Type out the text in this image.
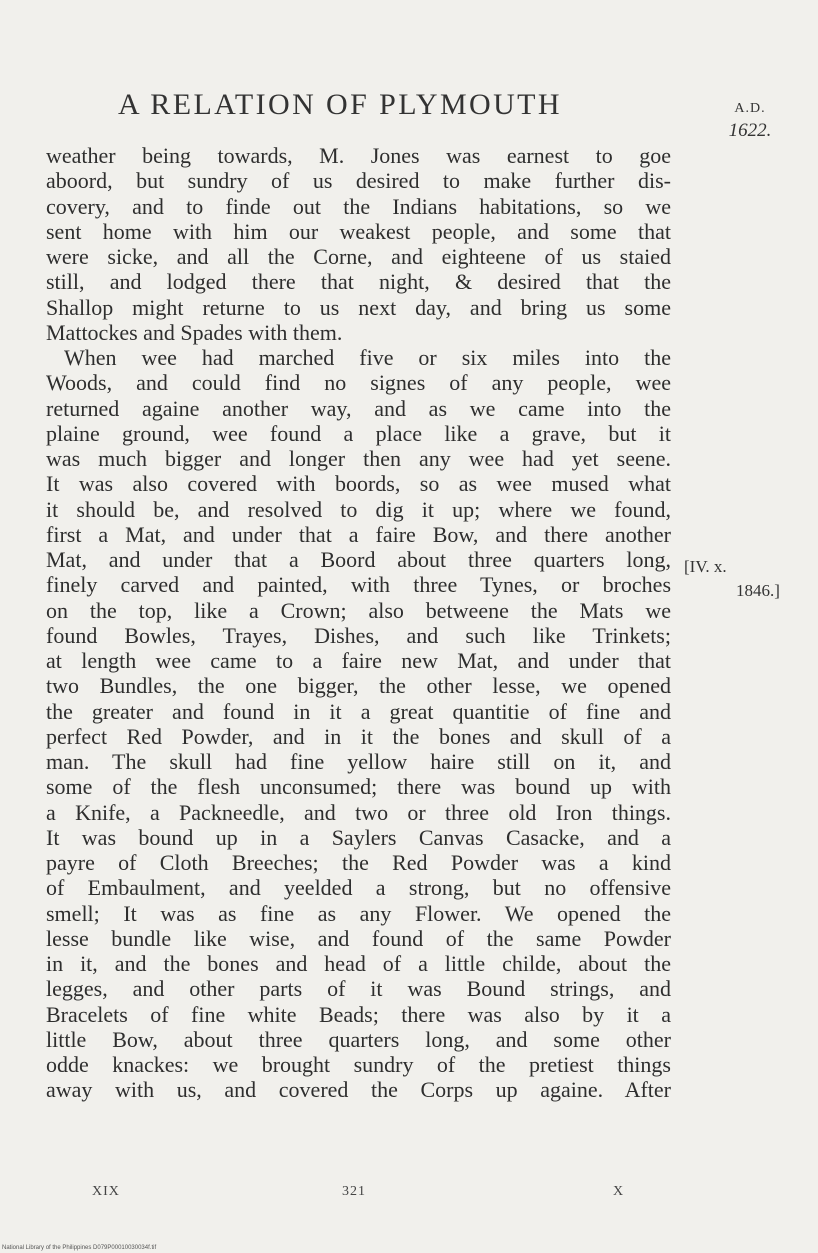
A RELATION OF PLYMOUTH	A.D.
1622.
weather being towards, M. Jones was earnest to goe
aboord, but sundry of us desired to make further dis-
covery, and to finde out the Indians habitations, so we
sent home with him our weakest people, and some that
were sicke, and all the Corne, and eighteene of us staied
still, and lodged there that night, & desired that the
Shallop might returne to us next day, and bring us some
Mattockes and Spades with them.
When wee had marched five or six miles into the
Woods, and could find no signes of any people, wee
returned againe another way, and as we came into the
plaine ground, wee found a place like a grave, but it
was much bigger and longer then any wee had yet seene.
It was also covered with boords, so as wee mused what
it should be, and resolved to dig it up; where we found,
first a Mat, and under that a faire Bow, and there another
Mat, and under that a Boord about three quarters long,
finely carved and painted, with three Tynes, or broches
on the top, like a Crown; also betweene the Mats we
found Bowles, Trayes, Dishes, and such like Trinkets;
at length wee came to a faire new Mat, and under that
two Bundles, the one bigger, the other lesse, we opened
the greater and found in it a great quantitie of fine and
perfect Red Powder, and in it the bones and skull of a
man. The skull had fine yellow haire still on it, and
some of the flesh unconsumed; there was bound up with
a Knife, a Packneedle, and two or three old Iron things.
It was bound up in a Saylers Canvas Casacke, and a
payre of Cloth Breeches; the Red Powder was a kind
of Embaulment, and yeelded a strong, but no offensive
smell; It was as fine as any Flower. We opened the
lesse bundle like wise, and found of the same Powder
in it, and the bones and head of a little childe, about the
legges, and other parts of it was Bound strings, and
Bracelets of fine white Beads; there was also by it a
little Bow, about three quarters long, and some other
odde knackes: we brought sundry of the pretiest things
away with us, and covered the Corps up againe. After
[IV. x.
1846.]
XIX	321	X
National Library of the Philippines D079P00010030034f.tif
